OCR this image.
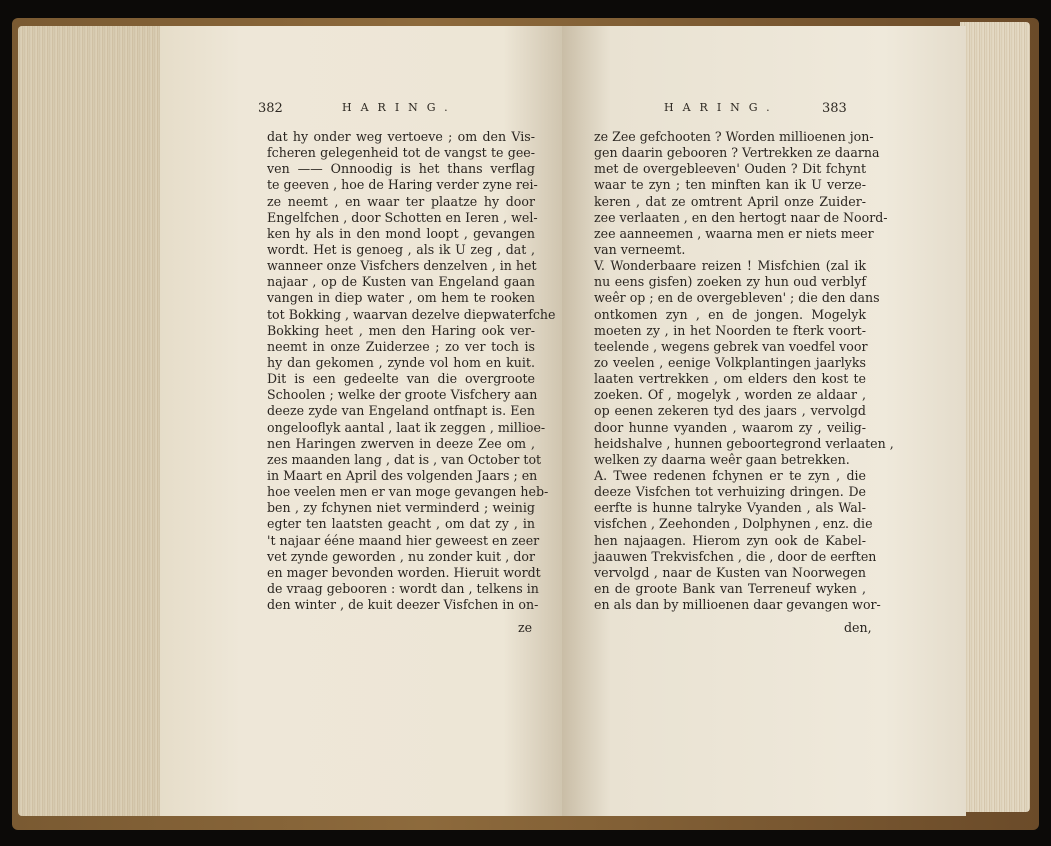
382	HARING.
dat hy onder weg vertoeve ; om den Vis-
fcheren gelegenheid tot de vangst te gee-
ven —— Onnoodig is het thans verflag
te geeven , hoe de Haring verder zyne rei-
ze neemt , en waar ter plaatze hy door
Engelfchen , door Schotten en Ieren , wel-
ken hy als in den mond loopt , gevangen
wordt. Het is genoeg , als ik U zeg , dat ,
wanneer onze Visfchers denzelven , in het
najaar , op de Kusten van Engeland gaan
vangen in diep water , om hem te rooken
tot Bokking , waarvan dezelve diepwaterfche
Bokking heet , men den Haring ook ver-
neemt in onze Zuiderzee ; zo ver toch is
hy dan gekomen , zynde vol hom en kuit.
Dit is een gedeelte van die overgroote
Schoolen ; welke der groote Visfchery aan
deeze zyde van Engeland ontfnapt is. Een
ongelooflyk aantal , laat ik zeggen , millioe-
nen Haringen zwerven in deeze Zee om ,
zes maanden lang , dat is , van October tot
in Maart en April des volgenden Jaars ; en
hoe veelen men er van moge gevangen heb-
ben , zy fchynen niet verminderd ; weinig
egter ten laatsten geacht , om dat zy , in
't najaar ééne maand hier geweest en zeer
vet zynde geworden , nu zonder kuit , dor
en mager bevonden worden. Hieruit wordt
de vraag gebooren : wordt dan , telkens in
den winter , de kuit deezer Visfchen in on-
ze
HARING.	383
ze Zee gefchooten ? Worden millioenen jon-
gen daarin gebooren ? Vertrekken ze daarna
met de overgebleeven' Ouden ? Dit fchynt
waar te zyn ; ten minften kan ik U verze-
keren , dat ze omtrent April onze Zuider-
zee verlaaten , en den hertogt naar de Noord-
zee aanneemen , waarna men er niets meer
van verneemt.
V. Wonderbaare reizen ! Misfchien (zal ik
nu eens gisfen) zoeken zy hun oud verblyf
weêr op ; en de overgebleven' ; die den dans
ontkomen zyn , en de jongen. Mogelyk
moeten zy , in het Noorden te fterk voort-
teelende , wegens gebrek van voedfel voor
zo veelen , eenige Volkplantingen jaarlyks
laaten vertrekken , om elders den kost te
zoeken. Of , mogelyk , worden ze aldaar ,
op eenen zekeren tyd des jaars , vervolgd
door hunne vyanden , waarom zy , veilig-
heidshalve , hunnen geboortegrond verlaaten ,
welken zy daarna weêr gaan betrekken.
A. Twee redenen fchynen er te zyn , die
deeze Visfchen tot verhuizing dringen. De
eerfte is hunne talryke Vyanden , als Wal-
visfchen , Zeehonden , Dolphynen , enz. die
hen najaagen. Hierom zyn ook de Kabel-
jaauwen Trekvisfchen , die , door de eerften
vervolgd , naar de Kusten van Noorwegen
en de groote Bank van Terreneuf wyken ,
en als dan by millioenen daar gevangen wor-
den,
